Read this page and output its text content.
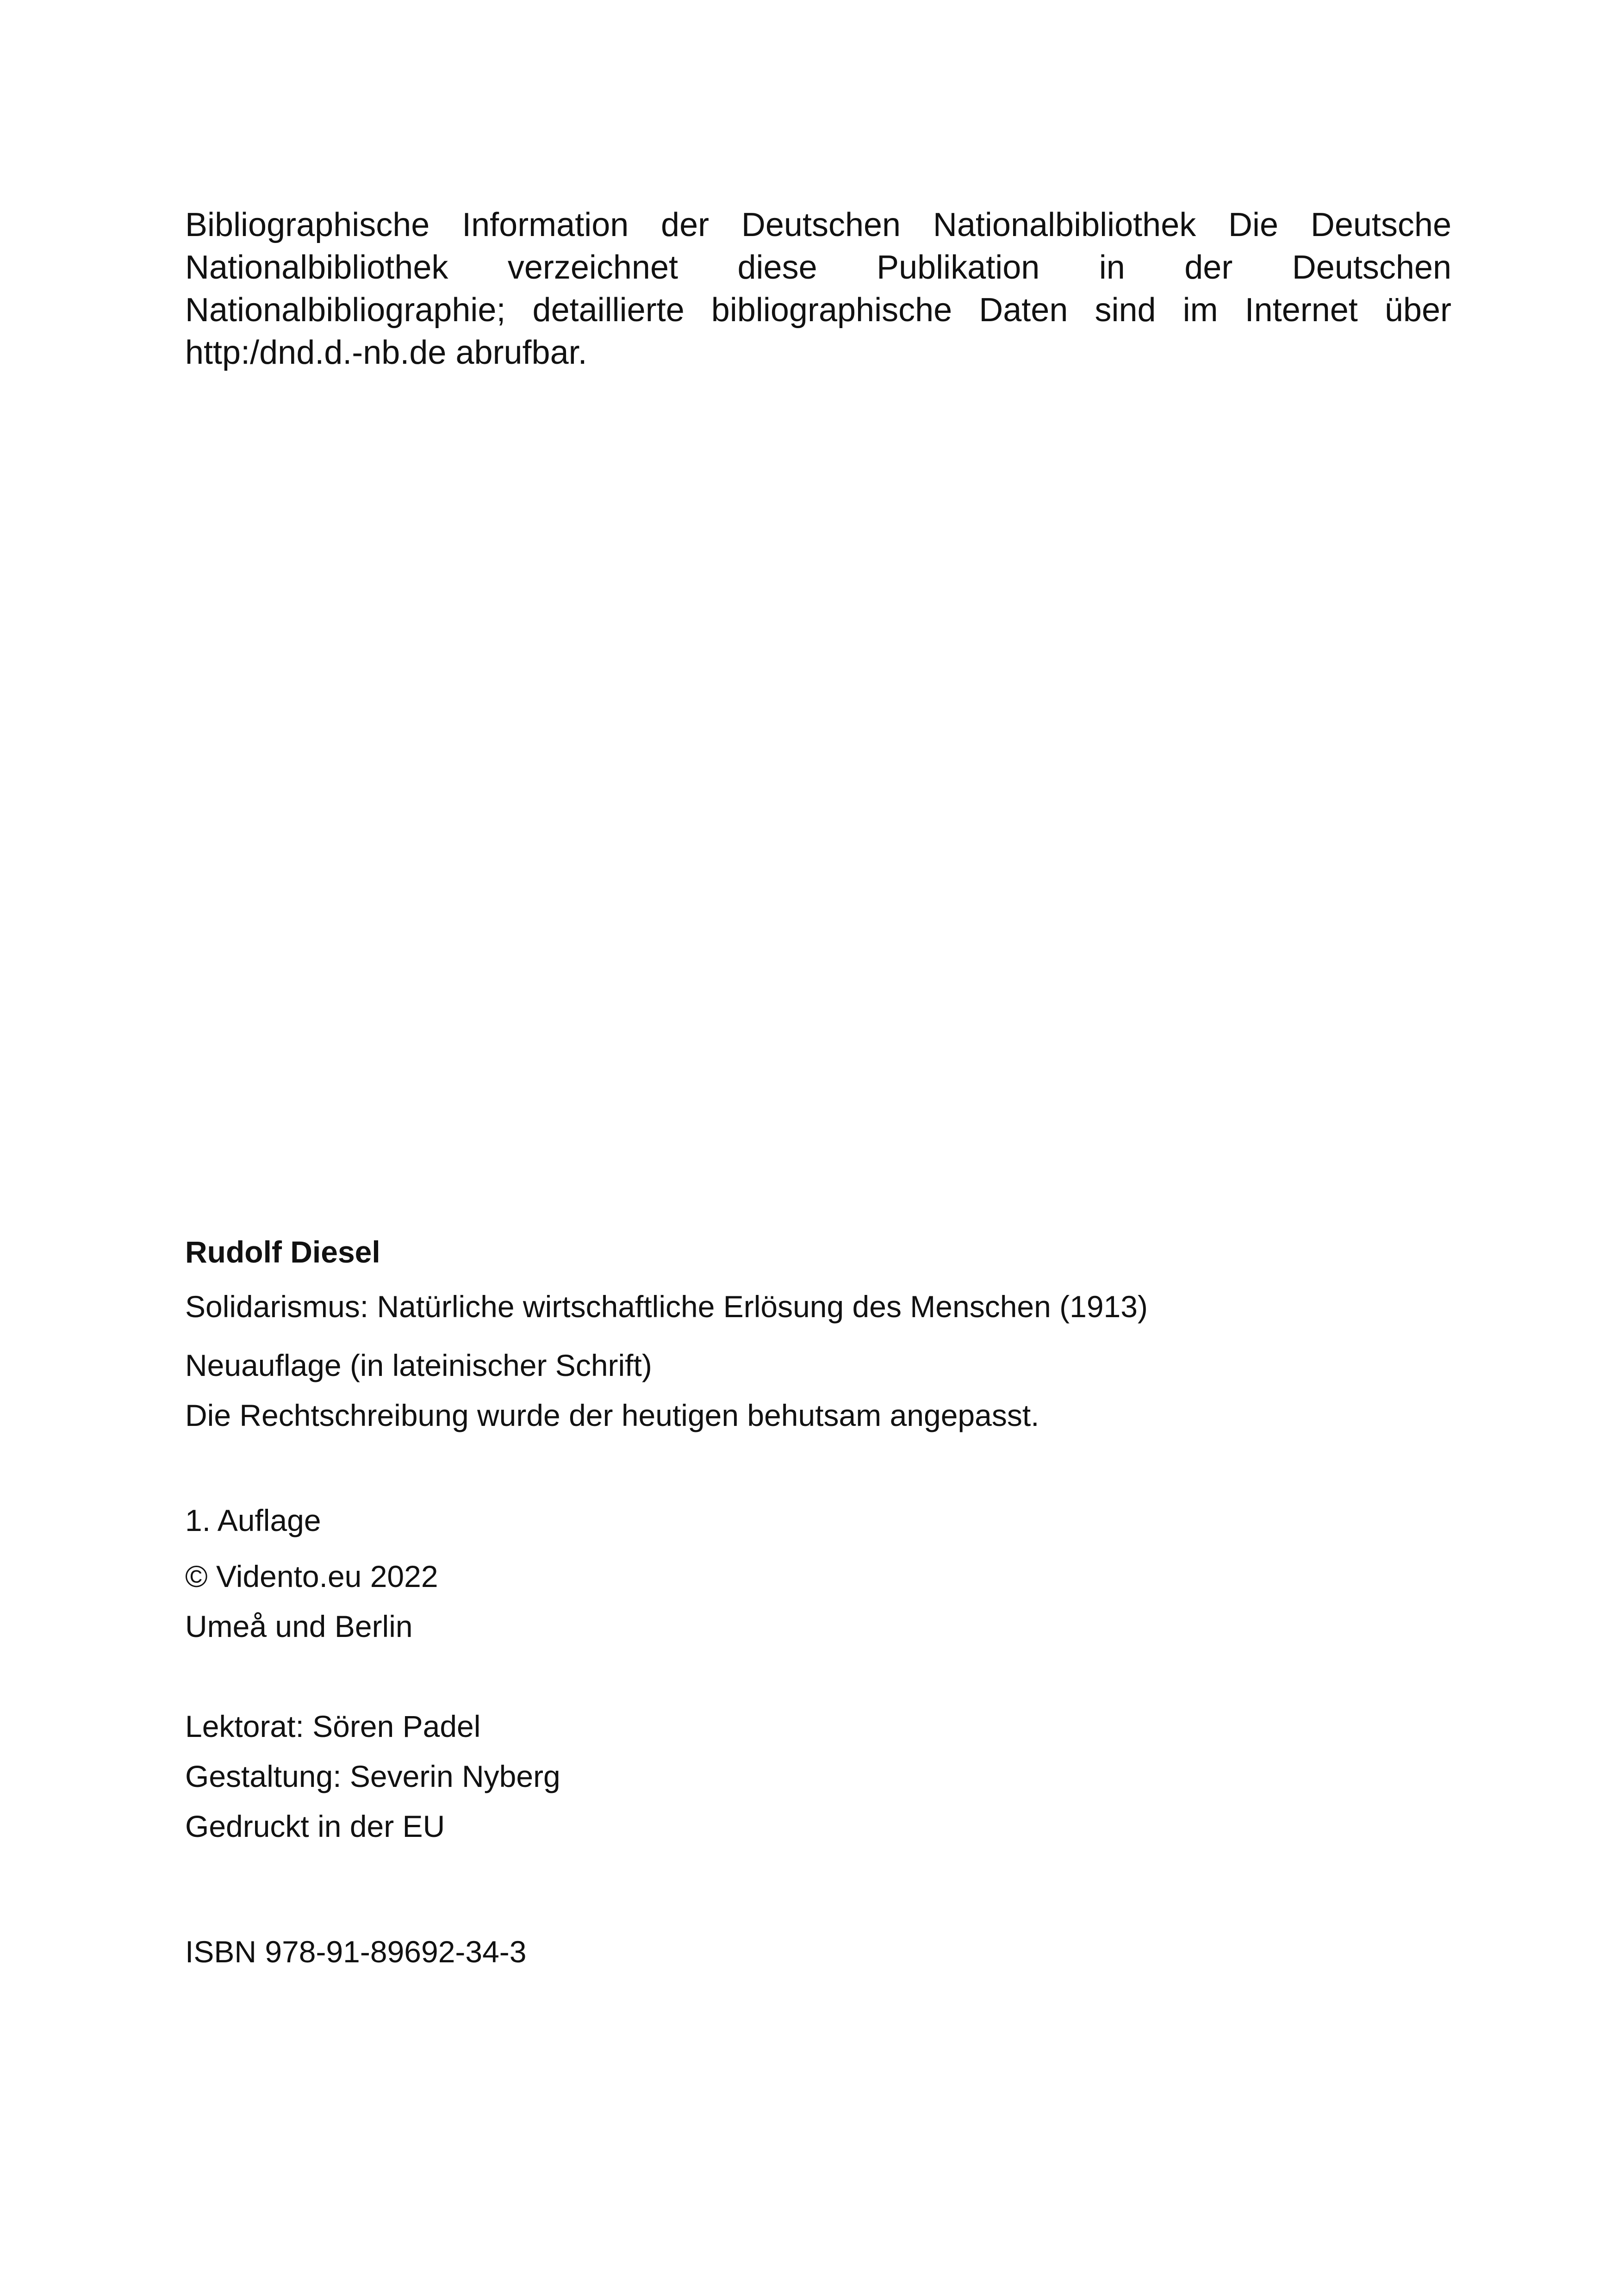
Bibliographische Information der Deutschen Nationalbibliothek Die Deutsche
Nationalbibliothek verzeichnet diese Publikation in der Deutschen
Nationalbibliographie; detaillierte bibliographische Daten sind im Internet über
http:/dnd.d.-nb.de abrufbar.

Rudolf Diesel

Solidarismus: Natürliche wirtschaftliche Erlösung des Menschen (1913)

Neuauflage (in lateinischer Schrift)

Die Rechtschreibung wurde der heutigen behutsam angepasst.

1. Auflage

© Vidento.eu 2022

Umeå und Berlin

Lektorat: Sören Padel

Gestaltung: Severin Nyberg

Gedruckt in der EU

ISBN 978-91-89692-34-3
